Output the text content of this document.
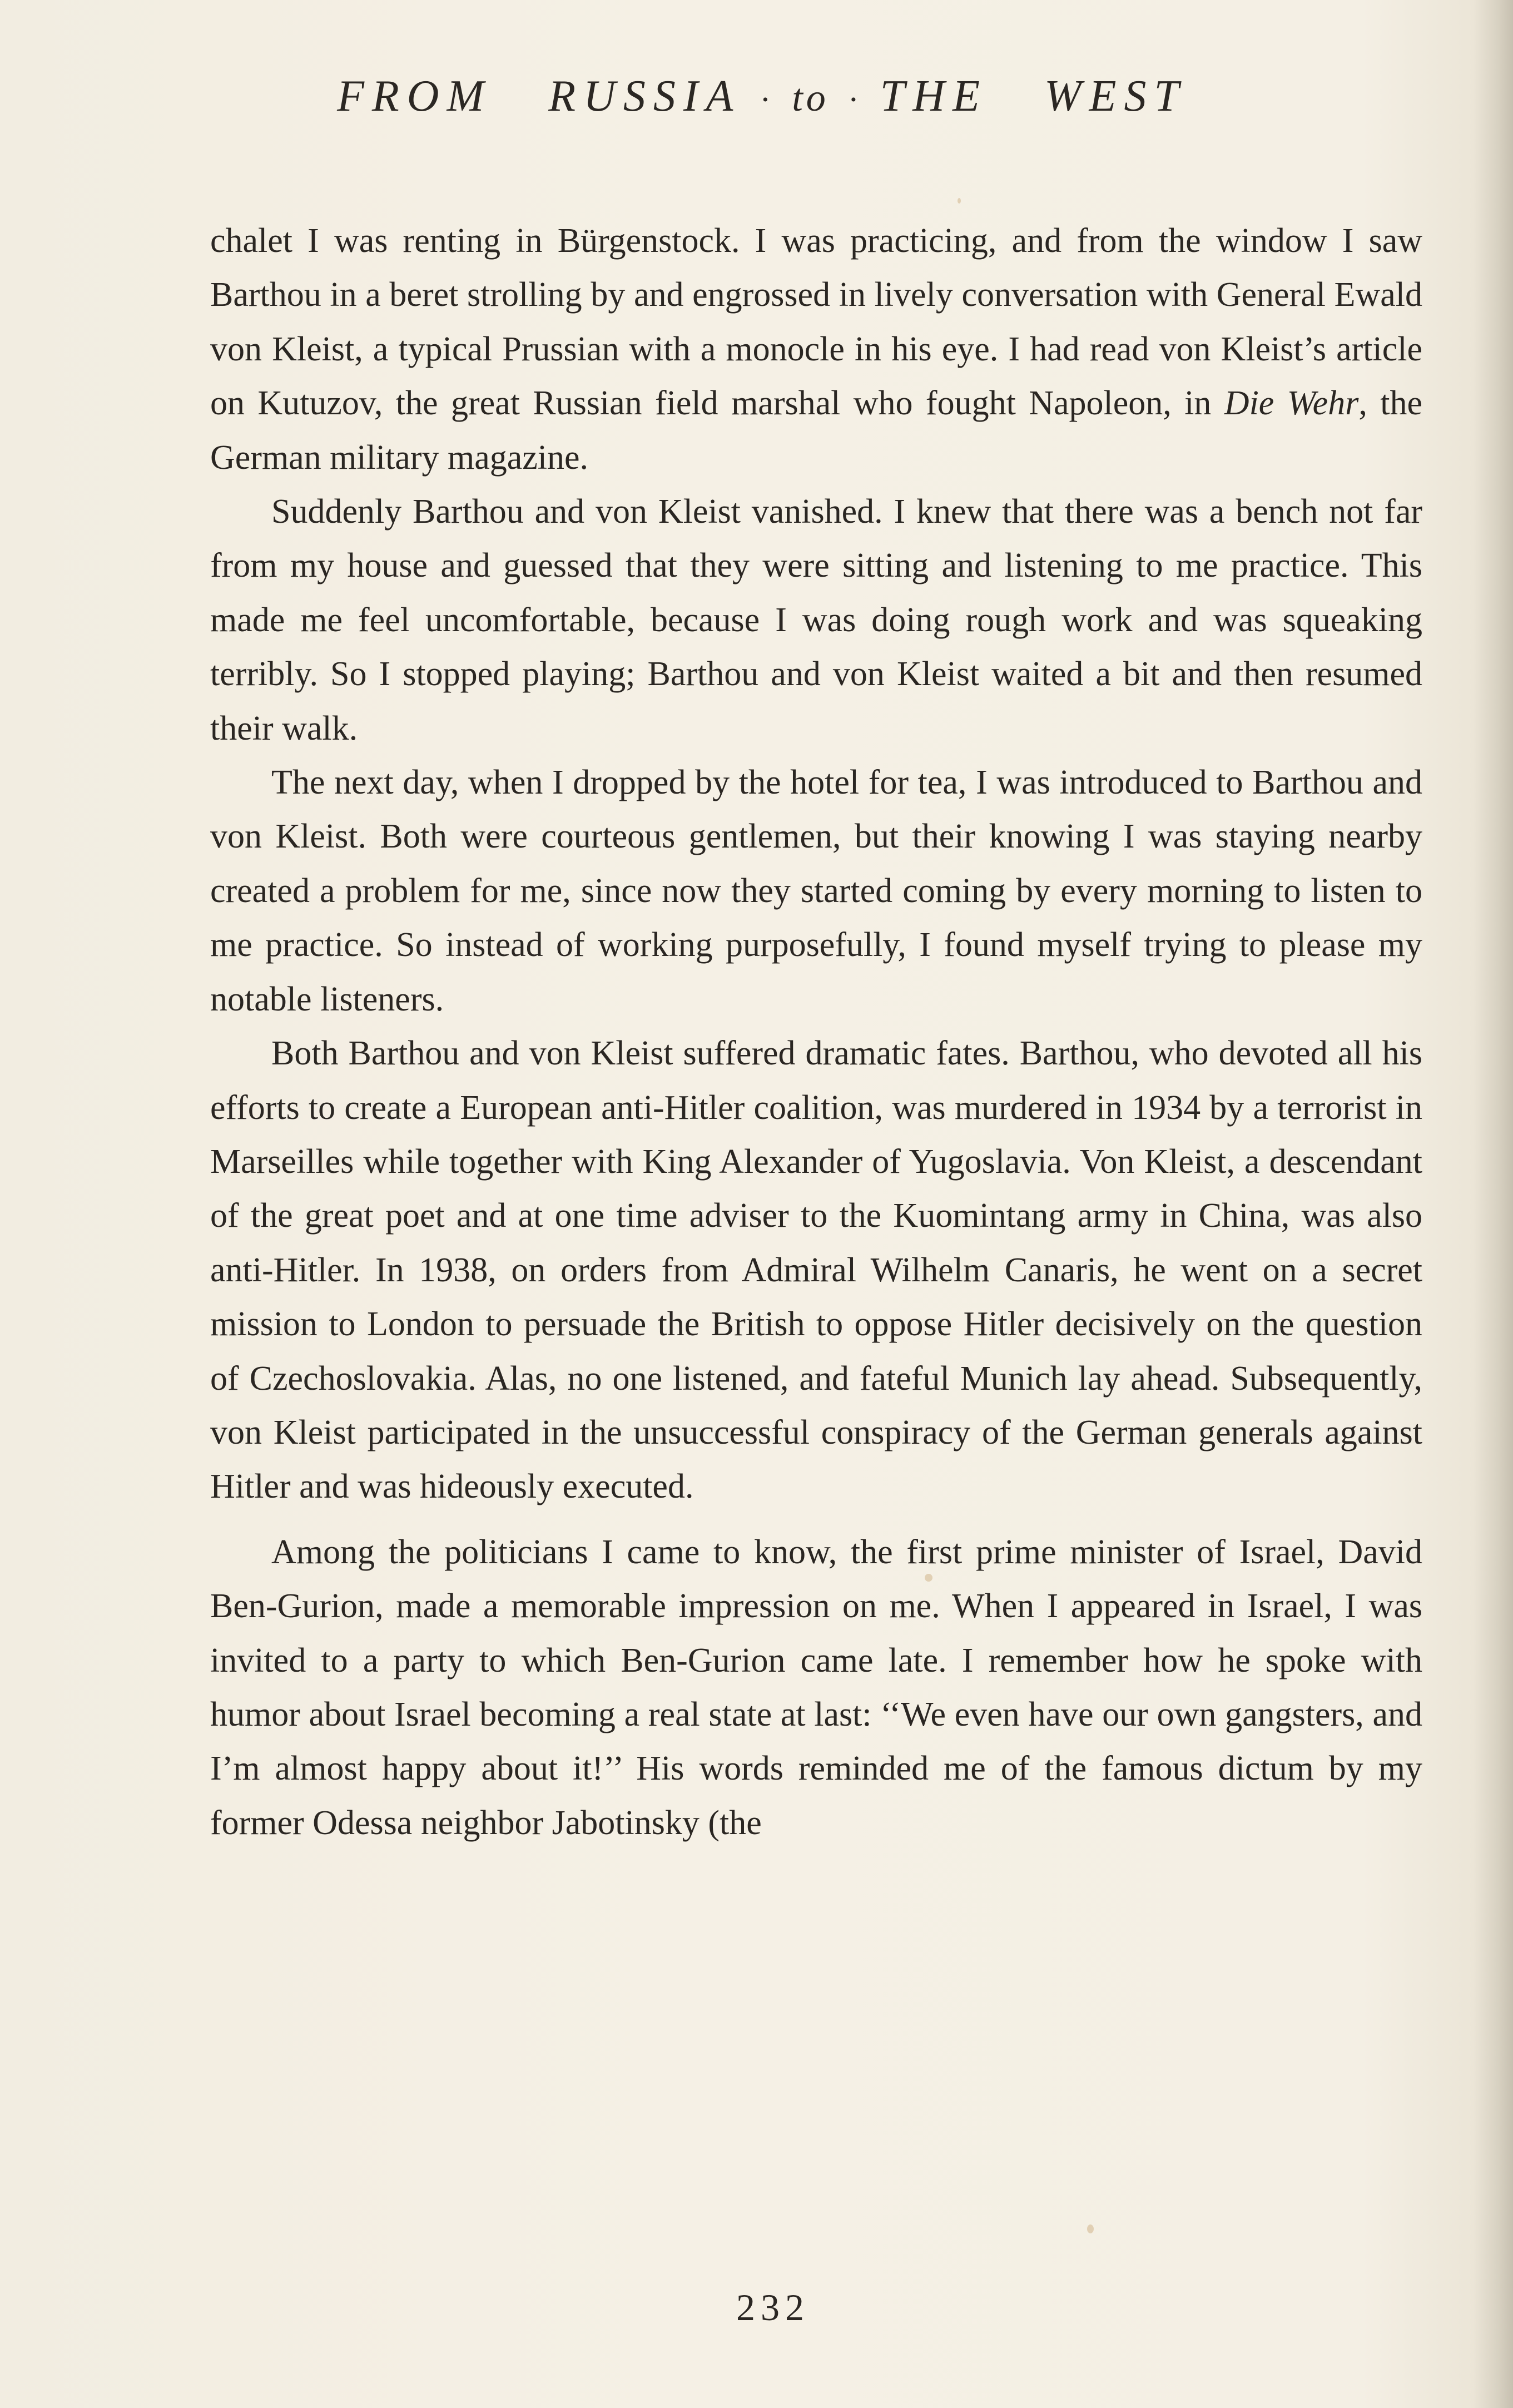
FROM RUSSIA · to · THE WEST

chalet I was renting in Bürgenstock. I was practicing, and from the window I saw Barthou in a beret strolling by and engrossed in lively conversation with General Ewald von Kleist, a typical Prussian with a monocle in his eye. I had read von Kleist’s article on Kutuzov, the great Russian field marshal who fought Napoleon, in Die Wehr, the German military magazine.

Suddenly Barthou and von Kleist vanished. I knew that there was a bench not far from my house and guessed that they were sitting and listening to me practice. This made me feel uncomfortable, because I was doing rough work and was squeaking terribly. So I stopped playing; Barthou and von Kleist waited a bit and then resumed their walk.

The next day, when I dropped by the hotel for tea, I was introduced to Barthou and von Kleist. Both were courteous gentlemen, but their knowing I was staying nearby created a problem for me, since now they started coming by every morning to listen to me practice. So instead of working purposefully, I found myself trying to please my notable listeners.

Both Barthou and von Kleist suffered dramatic fates. Barthou, who devoted all his efforts to create a European anti-Hitler coalition, was murdered in 1934 by a terrorist in Marseilles while together with King Alexander of Yugoslavia. Von Kleist, a descendant of the great poet and at one time adviser to the Kuomintang army in China, was also anti-Hitler. In 1938, on orders from Admiral Wilhelm Canaris, he went on a secret mission to London to persuade the British to oppose Hitler decisively on the question of Czechoslovakia. Alas, no one listened, and fateful Munich lay ahead. Subsequently, von Kleist participated in the unsuccessful conspiracy of the German generals against Hitler and was hideously executed.

Among the politicians I came to know, the first prime minister of Israel, David Ben-Gurion, made a memorable impression on me. When I appeared in Israel, I was invited to a party to which Ben-Gurion came late. I remember how he spoke with humor about Israel becoming a real state at last: ‘‘We even have our own gangsters, and I’m almost happy about it!’’ His words reminded me of the famous dictum by my former Odessa neighbor Jabotinsky (the

232
